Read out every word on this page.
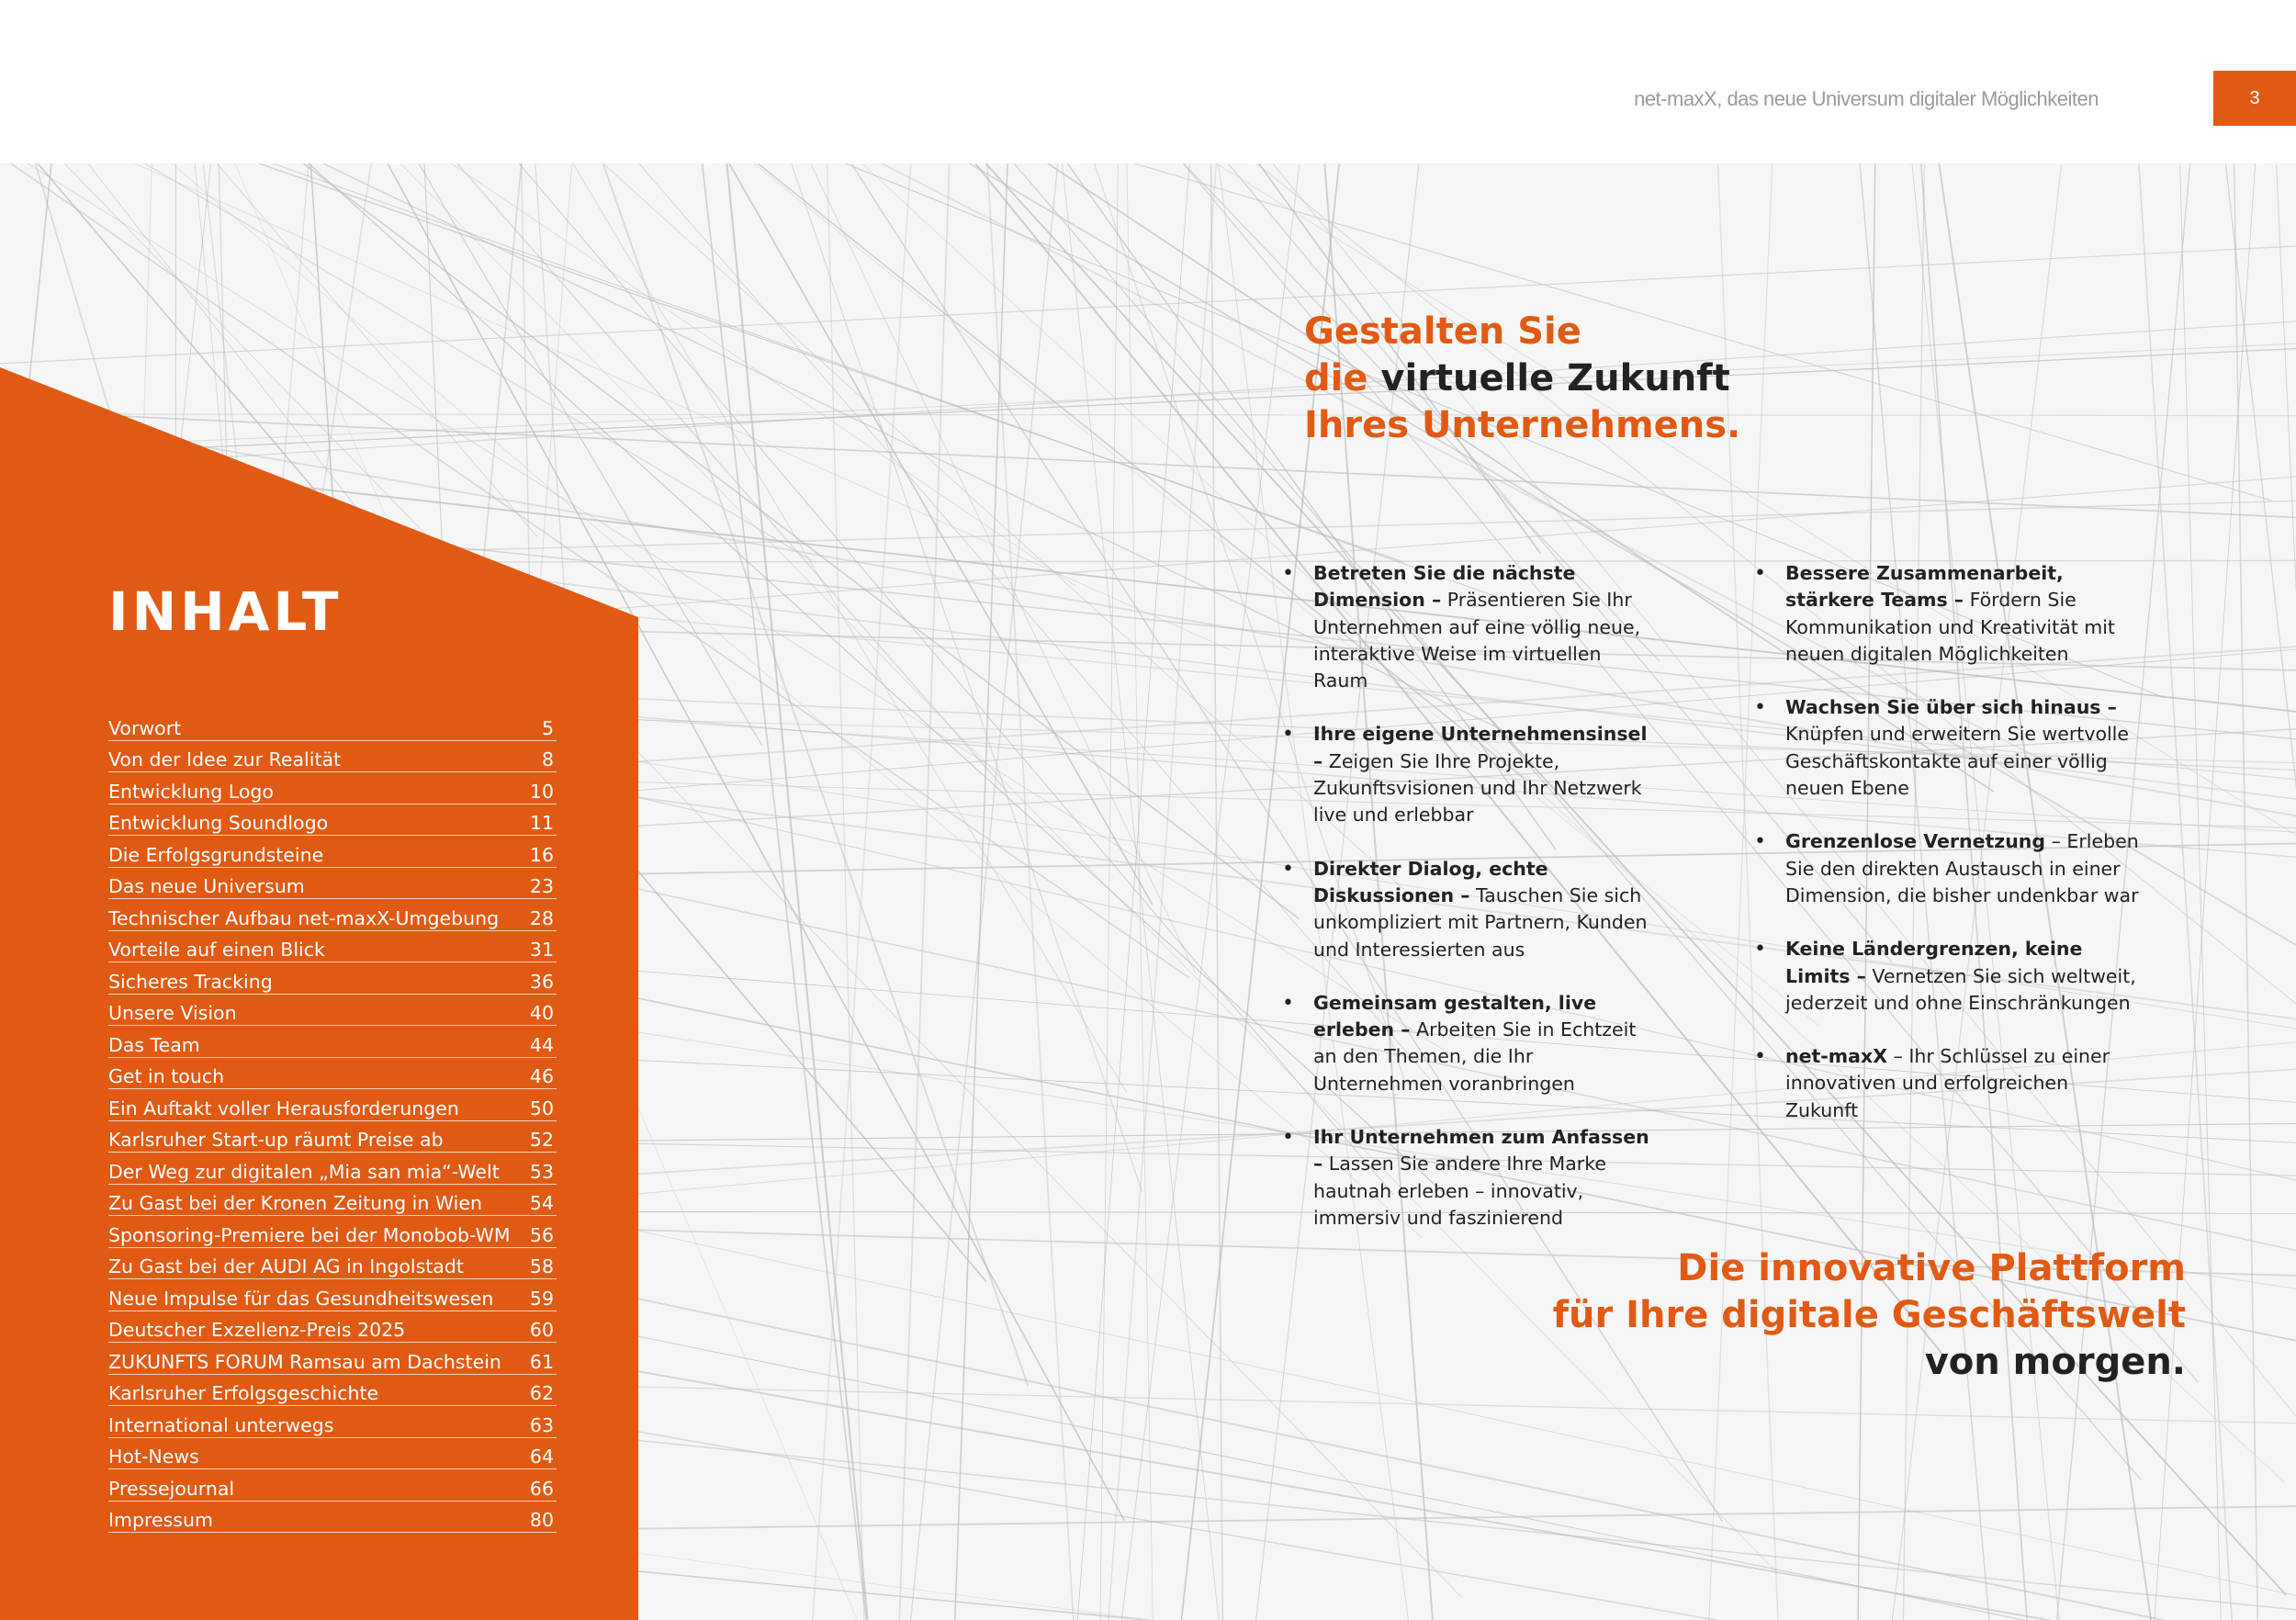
net-maxX, das neue Universum digitaler Möglichkeiten	3
INHALT
Vorwort	5
Von der Idee zur Realität	8
Entwicklung Logo	10
Entwicklung Soundlogo	11
Die Erfolgsgrundsteine	16
Das neue Universum	23
Technischer Aufbau net-maxX-Umgebung 28
Vorteile auf einen Blick	31
Sicheres Tracking	36
Unsere Vision	40
Das Team	44
Get in touch	46
Ein Auftakt voller Herausforderungen	50
Karlsruher Start-up räumt Preise ab	52
Der Weg zur digitalen „Mia san mia“-Welt 53
Zu Gast bei der Kronen Zeitung in Wien	54
Sponsoring-Premiere bei der Monobob-WM 56
Zu Gast bei der AUDI AG in Ingolstadt	58
Neue Impulse für das Gesundheitswesen 59
Deutscher Exzellenz-Preis 2025	60
ZUKUNFTS FORUM Ramsau am Dachstein 61
Karlsruher Erfolgsgeschichte	62
International unterwegs	63
Hot-News	64
Pressejournal	66
Impressum	80
Gestalten Sie
die virtuelle Zukunft
Ihres Unternehmens.
• Betreten Sie die nächste Dimension – Präsentieren Sie Ihr Unternehmen auf eine völlig neue, interaktive Weise im virtuellen Raum
• Ihre eigene Unternehmensinsel – Zeigen Sie Ihre Projekte, Zukunftsvisionen und Ihr Netzwerk live und erlebbar
• Direkter Dialog, echte Diskussionen – Tauschen Sie sich unkompliziert mit Partnern, Kunden und Interessierten aus
• Gemeinsam gestalten, live erleben – Arbeiten Sie in Echtzeit an den Themen, die Ihr Unternehmen voranbringen
• Ihr Unternehmen zum Anfassen – Lassen Sie andere Ihre Marke hautnah erleben – innovativ, immersiv und faszinierend
• Bessere Zusammenarbeit, stärkere Teams – Fördern Sie Kommunikation und Kreativität mit neuen digitalen Möglichkeiten
• Wachsen Sie über sich hinaus – Knüpfen und erweitern Sie wertvolle Geschäftskontakte auf einer völlig neuen Ebene
• Grenzenlose Vernetzung – Erleben Sie den direkten Austausch in einer Dimension, die bisher undenkbar war
• Keine Ländergrenzen, keine Limits – Vernetzen Sie sich weltweit, jederzeit und ohne Einschränkungen
• net-maxX – Ihr Schlüssel zu einer innovativen und erfolgreichen Zukunft
Die innovative Plattform
für Ihre digitale Geschäftswelt
von morgen.
